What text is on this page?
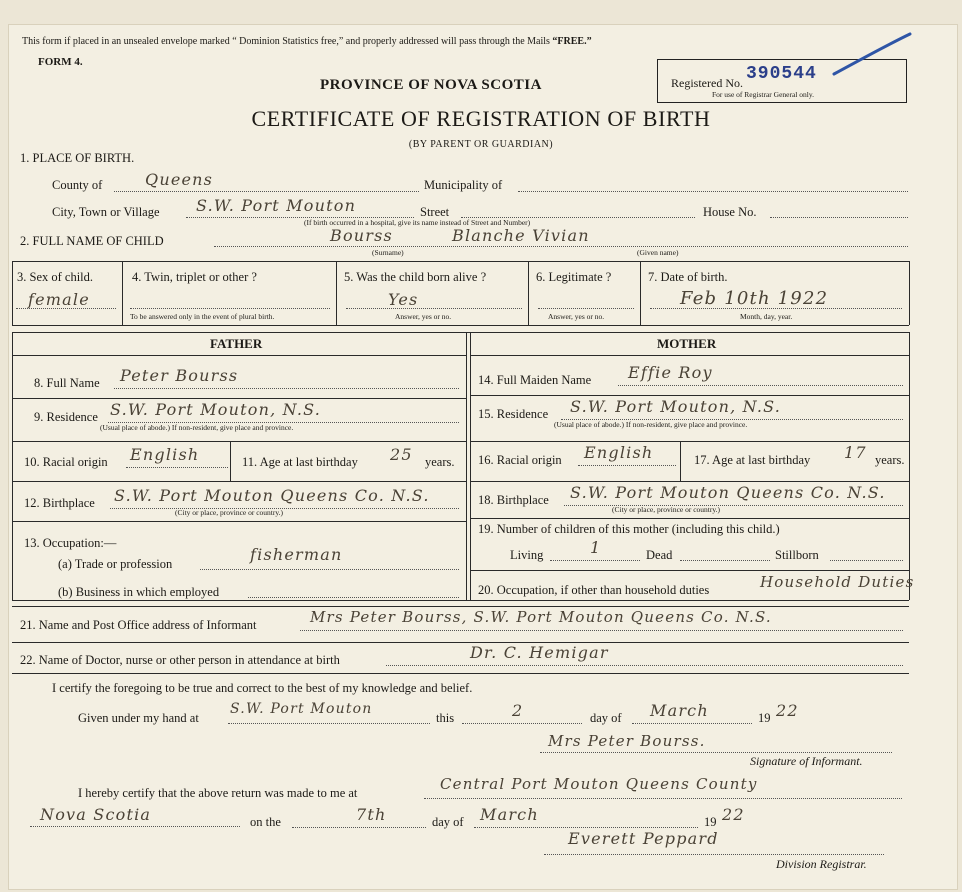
This form if placed in an unsealed envelope marked “ Dominion Statistics free,” and properly addressed will pass through the Mails “FREE.”
FORM 4.
PROVINCE OF NOVA SCOTIA
CERTIFICATE OF REGISTRATION OF BIRTH
(BY PARENT OR GUARDIAN)
Registered No. 390544
For use of Registrar General only.
1. PLACE OF BIRTH.
County of	Queens	Municipality of
City, Town or Village S.W. Port Mouton	Street	House No.
(If birth occurred in a hospital, give its name instead of Street and Number)
2. FULL NAME OF CHILD	Bourss	Blanche Vivian
(Surname)	(Given name)
3. Sex of child.
female
4. Twin, triplet or other ?
To be answered only in the event of plural birth.
5. Was the child born alive ?
Yes
Answer, yes or no.
6. Legitimate ?
Answer, yes or no.
7. Date of birth.
Feb 10th 1922
Month, day, year.
FATHER	MOTHER
8. Full Name Peter Bourss
9. Residence S.W. Port Mouton, N.S.
(Usual place of abode.) If non-resident, give place and province.
10. Racial origin English	11. Age at last birthday 25 years.
12. Birthplace S.W. Port Mouton Queens Co. N.S.
(City or place, province or country.)
13. Occupation:—
(a) Trade or profession	fisherman
(b) Business in which employed
14. Full Maiden Name Effie Roy
15. Residence S.W. Port Mouton, N.S.
(Usual place of abode.) If non-resident, give place and province.
16. Racial origin English	17. Age at last birthday 17 years.
18. Birthplace S.W. Port Mouton Queens Co. N.S.
(City or place, province or country.)
19. Number of children of this mother (including this child.)
Living	1	Dead	Stillborn
20. Occupation, if other than household duties	Household Duties
21. Name and Post Office address of Informant	Mrs Peter Bourss, S.W. Port Mouton Queens Co. N.S.
22. Name of Doctor, nurse or other person in attendance at birth	Dr. C. Hemigar
I certify the foregoing to be true and correct to the best of my knowledge and belief.
Given under my hand at
S.W. Port Mouton
this	2	day of March	19 22
Mrs Peter Bourss.
Signature of Informant.
I hereby certify that the above return was made to me at	Central Port Mouton Queens County
Nova Scotia	on the	7th	day of March	19 22
Everett Peppard
Division Registrar.
